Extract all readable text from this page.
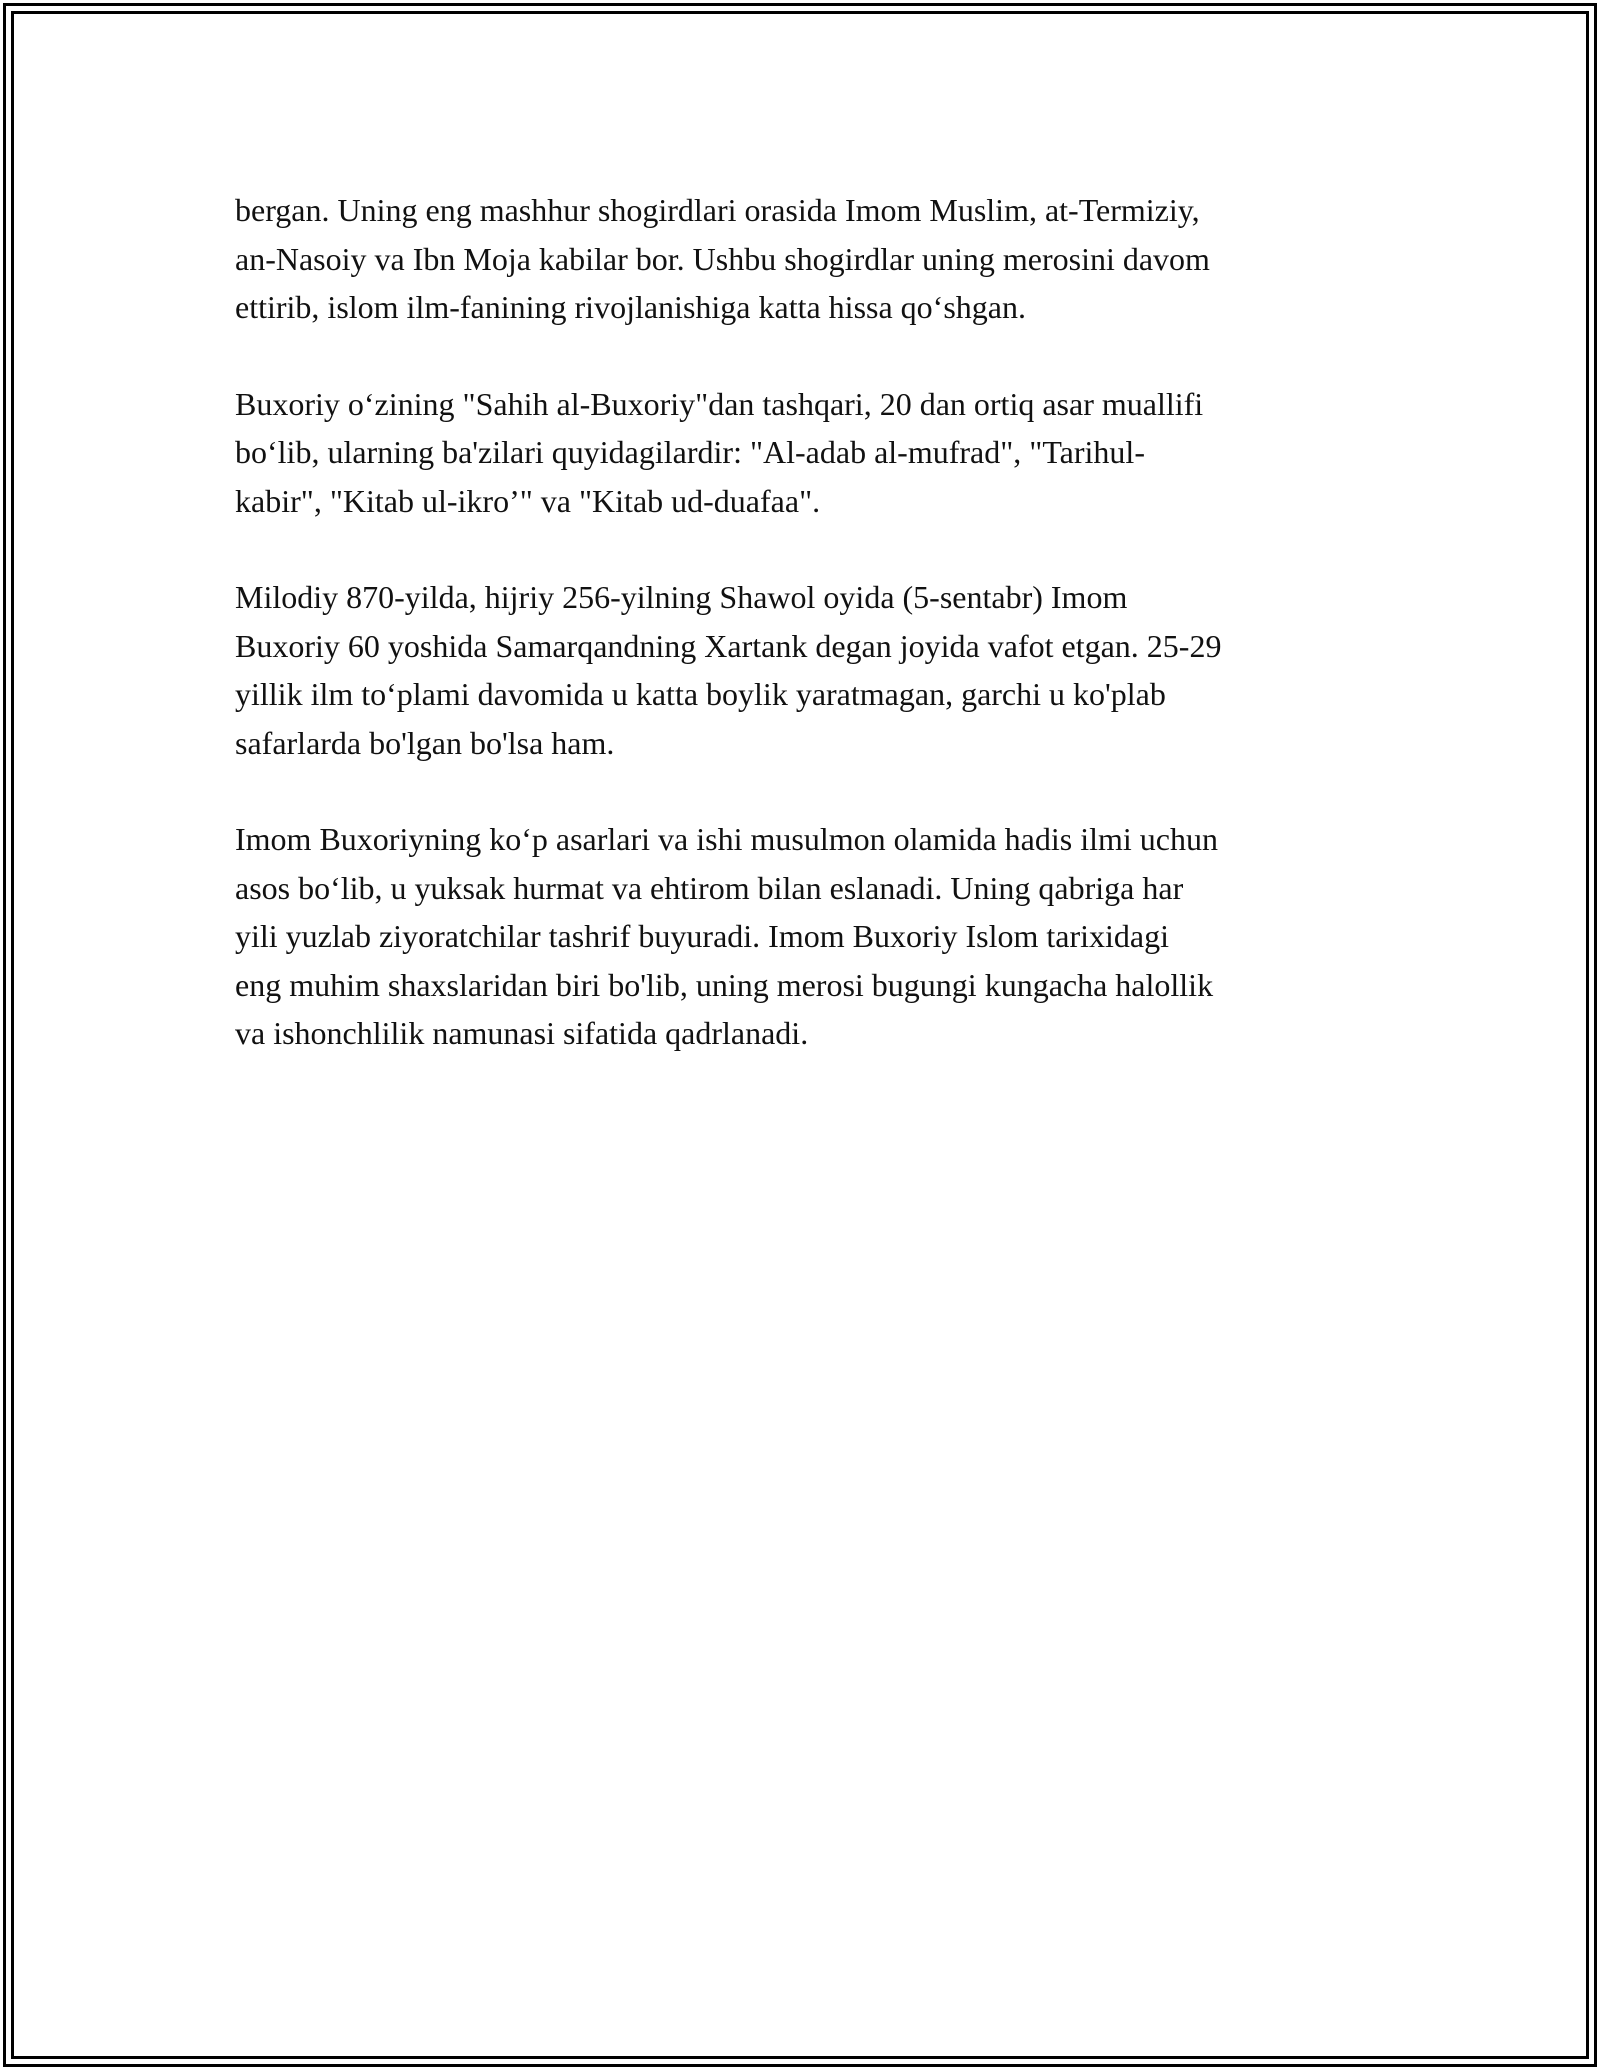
bergan. Uning eng mashhur shogirdlari orasida Imom Muslim, at-Termiziy,
an-Nasoiy va Ibn Moja kabilar bor. Ushbu shogirdlar uning merosini davom
ettirib, islom ilm-fanining rivojlanishiga katta hissa qo‘shgan.

Buxoriy o‘zining "Sahih al-Buxoriy"dan tashqari, 20 dan ortiq asar muallifi
bo‘lib, ularning ba'zilari quyidagilardir: "Al-adab al-mufrad", "Tarihul-
kabir", "Kitab ul-ikro’" va "Kitab ud-duafaa".

Milodiy 870-yilda, hijriy 256-yilning Shawol oyida (5-sentabr) Imom
Buxoriy 60 yoshida Samarqandning Xartank degan joyida vafot etgan. 25-29
yillik ilm to‘plami davomida u katta boylik yaratmagan, garchi u ko'plab
safarlarda bo'lgan bo'lsa ham.

Imom Buxoriyning ko‘p asarlari va ishi musulmon olamida hadis ilmi uchun
asos bo‘lib, u yuksak hurmat va ehtirom bilan eslanadi. Uning qabriga har
yili yuzlab ziyoratchilar tashrif buyuradi. Imom Buxoriy Islom tarixidagi
eng muhim shaxslaridan biri bo'lib, uning merosi bugungi kungacha halollik
va ishonchlilik namunasi sifatida qadrlanadi.
